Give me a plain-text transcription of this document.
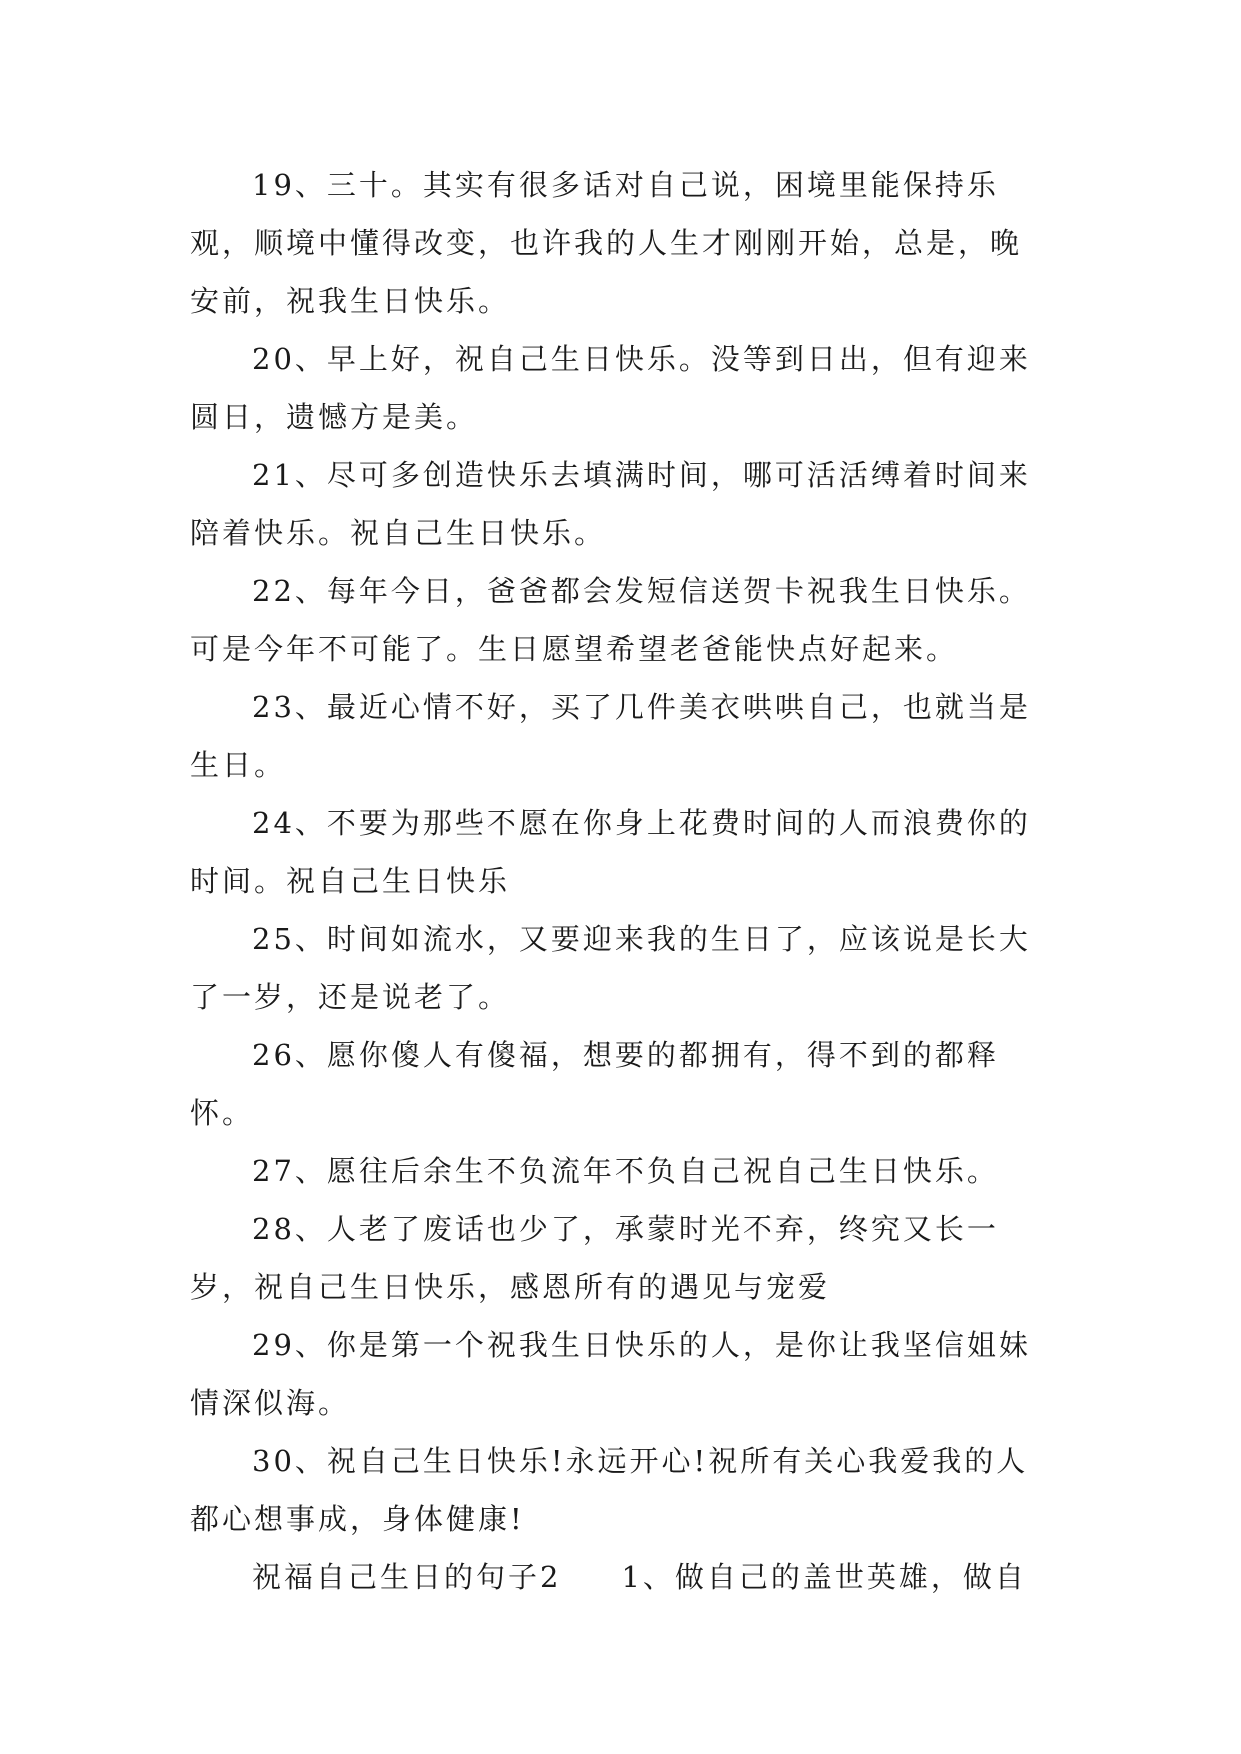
19、三十。其实有很多话对自己说，困境里能保持乐观，顺境中懂得改变，也许我的人生才刚刚开始，总是，晚安前，祝我生日快乐。

20、早上好，祝自己生日快乐。没等到日出，但有迎来圆日，遗憾方是美。

21、尽可多创造快乐去填满时间，哪可活活缚着时间来陪着快乐。祝自己生日快乐。

22、每年今日，爸爸都会发短信送贺卡祝我生日快乐。可是今年不可能了。生日愿望希望老爸能快点好起来。

23、最近心情不好，买了几件美衣哄哄自己，也就当是生日。

24、不要为那些不愿在你身上花费时间的人而浪费你的时间。祝自己生日快乐

25、时间如流水，又要迎来我的生日了，应该说是长大了一岁，还是说老了。

26、愿你傻人有傻福，想要的都拥有，得不到的都释怀。

27、愿往后余生不负流年不负自己祝自己生日快乐。

28、人老了废话也少了，承蒙时光不弃，终究又长一岁，祝自己生日快乐，感恩所有的遇见与宠爱

29、你是第一个祝我生日快乐的人，是你让我坚信姐妹情深似海。

30、祝自己生日快乐!永远开心!祝所有关心我爱我的人都心想事成，身体健康!

祝福自己生日的句子2 1、做自己的盖世英雄，做自
